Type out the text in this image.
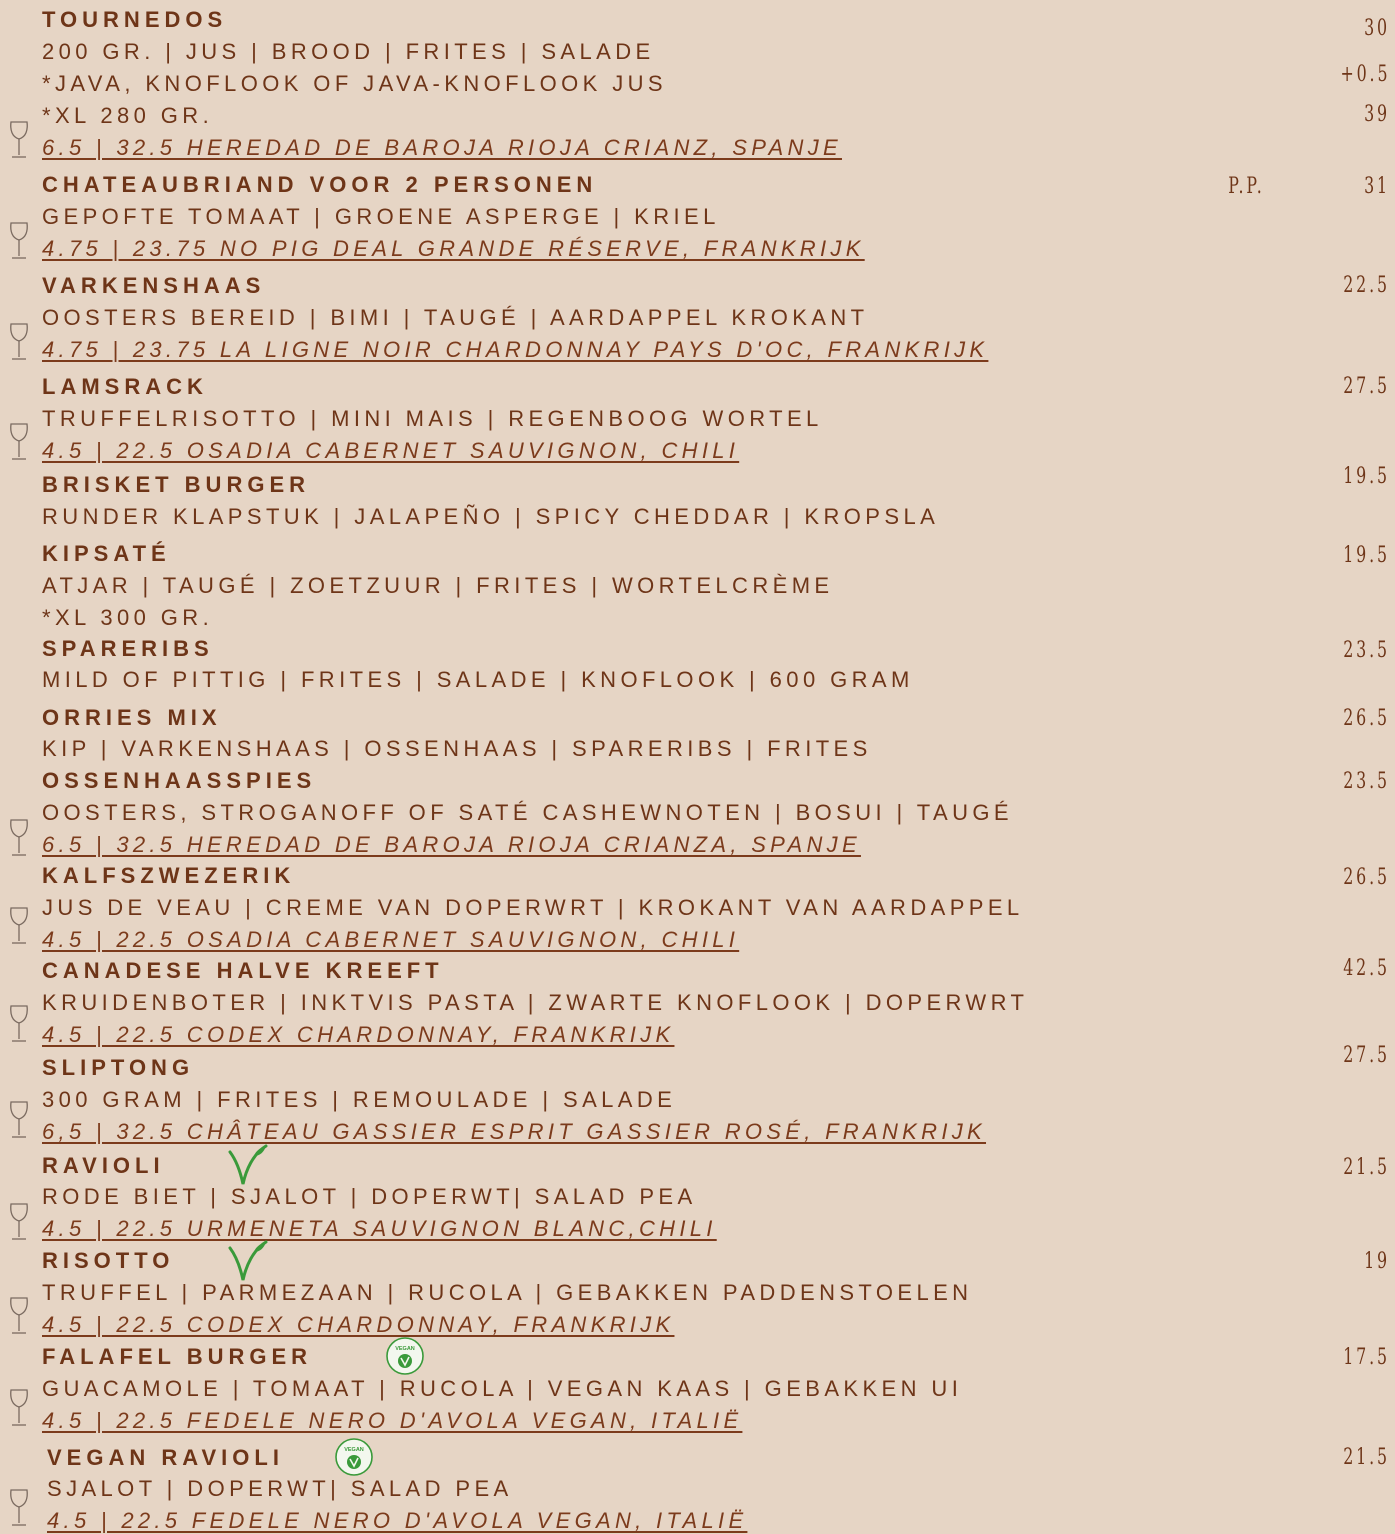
TOURNEDOS	30
200 GR. | JUS | BROOD | FRITES | SALADE
*JAVA, KNOFLOOK OF JAVA-KNOFLOOK JUS	+0.5
*XL 280 GR.	39
6.5 | 32.5 HEREDAD DE BAROJA RIOJA CRIANZ, SPANJE
CHATEAUBRIAND VOOR 2 PERSONEN	P.P.	31
GEPOFTE TOMAAT | GROENE ASPERGE | KRIEL
4.75 | 23.75 NO PIG DEAL GRANDE RÉSERVE, FRANKRIJK
VARKENSHAAS	22.5
OOSTERS BEREID | BIMI | TAUGÉ | AARDAPPEL KROKANT
4.75 | 23.75 LA LIGNE NOIR CHARDONNAY PAYS D'OC, FRANKRIJK
LAMSRACK	27.5
TRUFFELRISOTTO | MINI MAIS | REGENBOOG WORTEL
4.5 | 22.5 OSADIA CABERNET SAUVIGNON, CHILI
BRISKET BURGER	19.5
RUNDER KLAPSTUK | JALAPEÑO | SPICY CHEDDAR | KROPSLA
KIPSATÉ	19.5
ATJAR | TAUGÉ | ZOETZUUR | FRITES | WORTELCRÈME
*XL 300 GR.
SPARERIBS	23.5
MILD OF PITTIG | FRITES | SALADE | KNOFLOOK | 600 GRAM
ORRIES MIX	26.5
KIP | VARKENSHAAS | OSSENHAAS | SPARERIBS | FRITES
OSSENHAASSPIES	23.5
OOSTERS, STROGANOFF OF SATÉ CASHEWNOTEN | BOSUI | TAUGÉ
6.5 | 32.5 HEREDAD DE BAROJA RIOJA CRIANZA, SPANJE
KALFSZWEZERIK	26.5
JUS DE VEAU | CREME VAN DOPERWRT | KROKANT VAN AARDAPPEL
4.5 | 22.5 OSADIA CABERNET SAUVIGNON, CHILI
CANADESE HALVE KREEFT	42.5
KRUIDENBOTER | INKTVIS PASTA | ZWARTE KNOFLOOK | DOPERWRT
4.5 | 22.5 CODEX CHARDONNAY, FRANKRIJK
SLIPTONG	27.5
300 GRAM | FRITES | REMOULADE | SALADE
6,5 | 32.5 CHÂTEAU GASSIER ESPRIT GASSIER ROSÉ, FRANKRIJK
RAVIOLI	21.5
RODE BIET | SJALOT | DOPERWT| SALAD PEA
4.5 | 22.5 URMENETA SAUVIGNON BLANC,CHILI
RISOTTO	19
TRUFFEL | PARMEZAAN | RUCOLA | GEBAKKEN PADDENSTOELEN
4.5 | 22.5 CODEX CHARDONNAY, FRANKRIJK
FALAFEL BURGER	VEGAN	17.5
GUACAMOLE | TOMAAT | RUCOLA | VEGAN KAAS | GEBAKKEN UI
4.5 | 22.5 FEDELE NERO D'AVOLA VEGAN, ITALIË
VEGAN RAVIOLI	VEGAN	21.5
SJALOT | DOPERWT| SALAD PEA
4.5 | 22.5 FEDELE NERO D'AVOLA VEGAN, ITALIË
